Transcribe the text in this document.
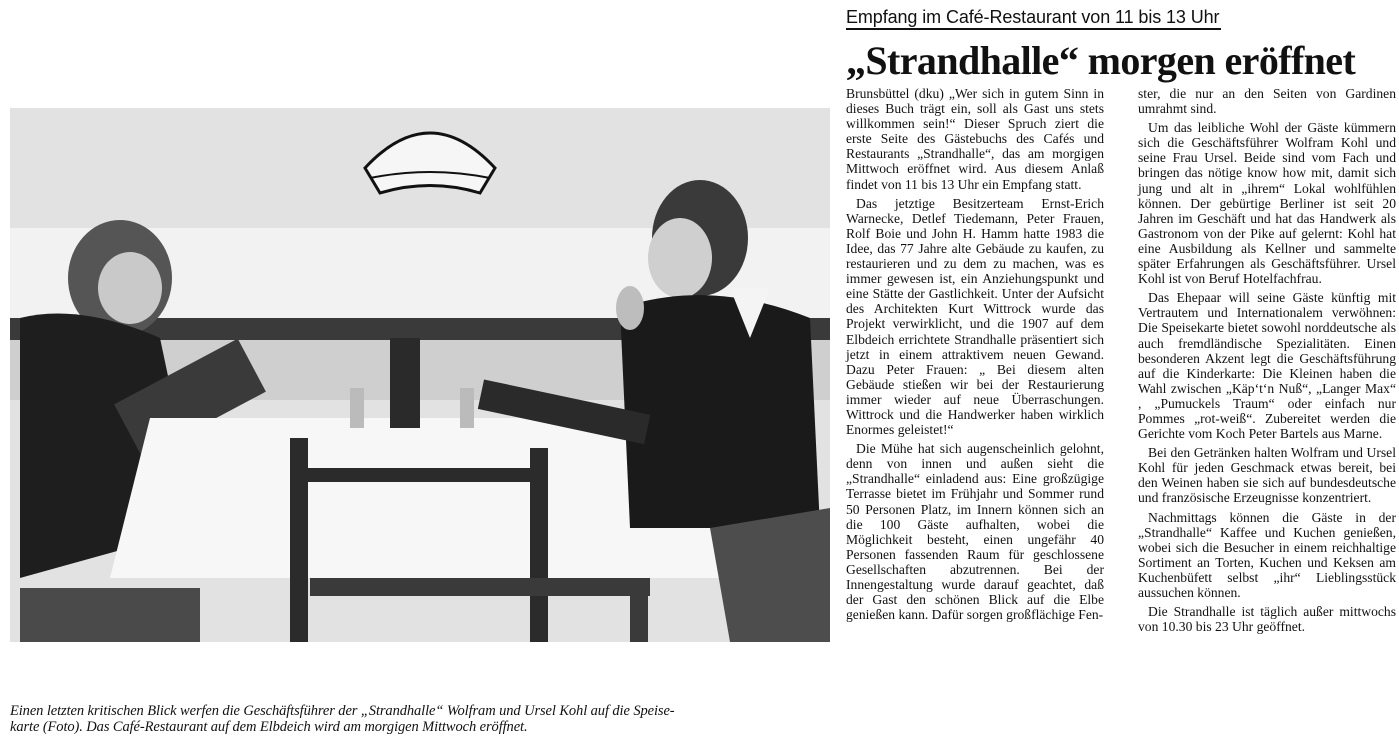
Einen letzten kritischen Blick werfen die Geschäftsführer der „Strandhalle“ Wolfram und Ursel Kohl auf die Speise-

karte (Foto). Das Café-Restaurant auf dem Elbdeich wird am morgigen Mittwoch eröffnet.

Empfang im Café-Restaurant von 11 bis 13 Uhr
„Strandhalle“ morgen eröffnet

Brunsbüttel (dku) „Wer sich in gutem Sinn in dieses Buch trägt ein, soll als Gast uns stets willkommen sein!“ Dieser Spruch ziert die erste Seite des Gästebuchs des Cafés und Restaurants „Strandhalle“, das am morgigen Mittwoch eröffnet wird. Aus diesem Anlaß findet von 11 bis 13 Uhr ein Empfang statt.

Das jetztige Besitzerteam Ernst-Erich Warnecke, Detlef Tiedemann, Peter Frauen, Rolf Boie und John H. Hamm hatte 1983 die Idee, das 77 Jahre alte Gebäude zu kaufen, zu restaurieren und zu dem zu machen, was es immer gewesen ist, ein Anziehungspunkt und eine Stätte der Gastlichkeit. Unter der Aufsicht des Architekten Kurt Wittrock wurde das Projekt verwirklicht, und die 1907 auf dem Elbdeich errichtete Strandhalle präsentiert sich jetzt in einem attraktivem neuen Gewand. Dazu Peter Frauen: „ Bei diesem alten Gebäude stießen wir bei der Restaurierung immer wieder auf neue Überraschungen. Wittrock und die Handwerker haben wirklich Enormes geleistet!“

Die Mühe hat sich augenscheinlich gelohnt, denn von innen und außen sieht die „Strandhalle“ einladend aus: Eine großzügige Terrasse bietet im Frühjahr und Sommer rund 50 Personen Platz, im Innern können sich an die 100 Gäste aufhalten, wobei die Möglichkeit besteht, einen ungefähr 40 Personen fassenden Raum für geschlossene Gesellschaften abzutrennen. Bei der Innengestaltung wurde darauf geachtet, daß der Gast den schönen Blick auf die Elbe genießen kann. Dafür sorgen großflächige Fen-

ster, die nur an den Seiten von Gardinen umrahmt sind.

Um das leibliche Wohl der Gäste kümmern sich die Geschäftsführer Wolfram Kohl und seine Frau Ursel. Beide sind vom Fach und bringen das nötige know how mit, damit sich jung und alt in „ihrem“ Lokal wohlfühlen können. Der gebürtige Berliner ist seit 20 Jahren im Geschäft und hat das Handwerk als Gastronom von der Pike auf gelernt: Kohl hat eine Ausbildung als Kellner und sammelte später Erfahrungen als Geschäftsführer. Ursel Kohl ist von Beruf Hotelfachfrau.

Das Ehepaar will seine Gäste künftig mit Vertrautem und Internationalem verwöhnen: Die Speisekarte bietet sowohl norddeutsche als auch fremdländische Spezialitäten. Einen besonderen Akzent legt die Geschäftsführung auf die Kinderkarte: Die Kleinen haben die Wahl zwischen „Käp‘t‘n Nuß“, „Langer Max“ , „Pumuckels Traum“ oder einfach nur Pommes „rot-weiß“. Zubereitet werden die Gerichte vom Koch Peter Bartels aus Marne.

Bei den Getränken halten Wolfram und Ursel Kohl für jeden Geschmack etwas bereit, bei den Weinen haben sie sich auf bundesdeutsche und französische Erzeugnisse konzentriert.

Nachmittags können die Gäste in der „Strandhalle“ Kaffee und Kuchen genießen, wobei sich die Besucher in einem reichhaltige Sortiment an Torten, Kuchen und Keksen am Kuchenbüfett selbst „ihr“ Lieblingsstück aussuchen können.

Die Strandhalle ist täglich außer mittwochs von 10.30 bis 23 Uhr geöffnet.
